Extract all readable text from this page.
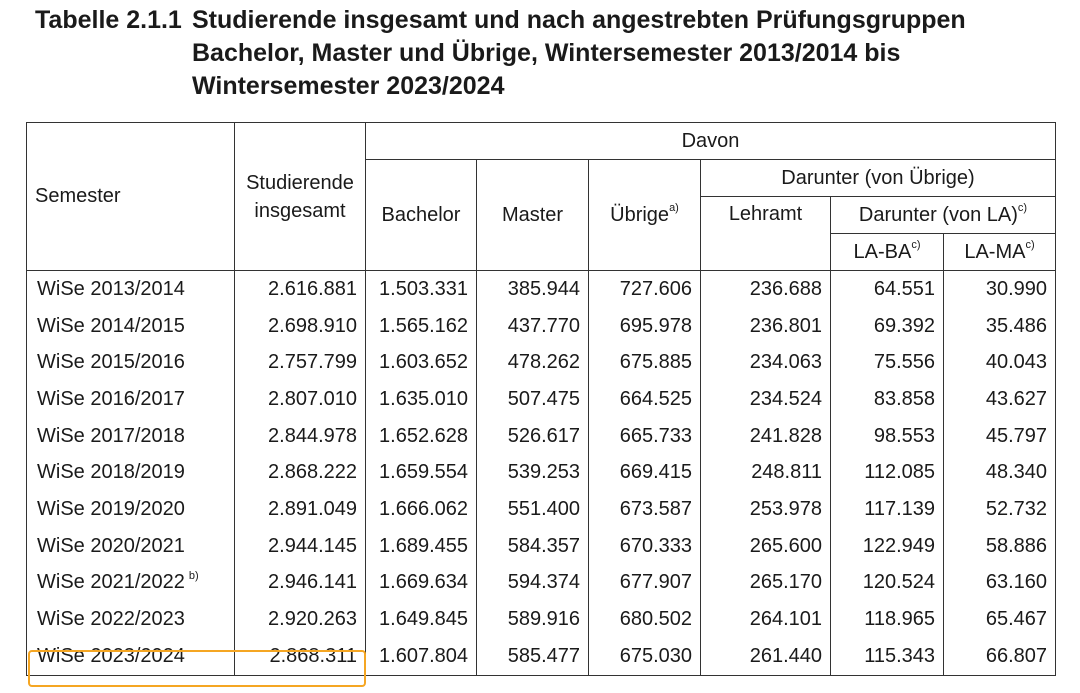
Tabelle 2.1.1 Studierende insgesamt und nach angestrebten Prüfungsgruppen Bachelor, Master und Übrige, Wintersemester 2013/2014 bis Wintersemester 2023/2024
Semester	Studierende insgesamt	Davon					
		Bachelor	Master	Übrige$^{a)}$	Darunter (von Übrige)		
					Lehramt	Darunter (von LA)$^{c)}$
						LA-BA$^{c)}$	LA-MA$^{c)}$
WiSe 2013/2014	2.616.881	1.503.331	385.944	727.606	236.688	64.551	30.990
WiSe 2014/2015	2.698.910	1.565.162	437.770	695.978	236.801	69.392	35.486
WiSe 2015/2016	2.757.799	1.603.652	478.262	675.885	234.063	75.556	40.043
WiSe 2016/2017	2.807.010	1.635.010	507.475	664.525	234.524	83.858	43.627
WiSe 2017/2018	2.844.978	1.652.628	526.617	665.733	241.828	98.553	45.797
WiSe 2018/2019	2.868.222	1.659.554	539.253	669.415	248.811	112.085	48.340
WiSe 2019/2020	2.891.049	1.666.062	551.400	673.587	253.978	117.139	52.732
WiSe 2020/2021	2.944.145	1.689.455	584.357	670.333	265.600	122.949	58.886
WiSe 2021/2022 $^{b)}$	2.946.141	1.669.634	594.374	677.907	265.170	120.524	63.160
WiSe 2022/2023	2.920.263	1.649.845	589.916	680.502	264.101	118.965	65.467
WiSe 2023/2024	2.868.311	1.607.804	585.477	675.030	261.440	115.343	66.807
